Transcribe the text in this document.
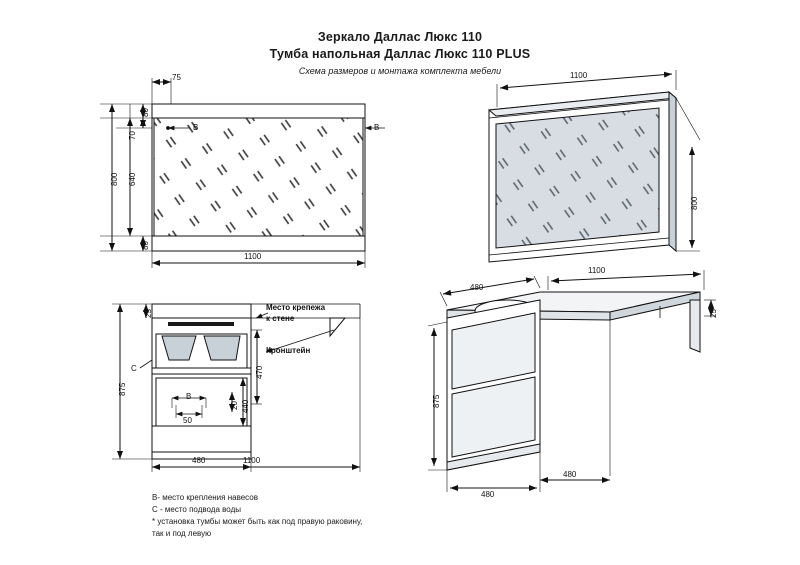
Зеркало Даллас Люкс 110
Тумба напольная Даллас Люкс 110 PLUS
Схема размеров и монтажа комплекта мебели
75
800 640
80
70
80
B	B
1100
1100
800
875
25
470
440
20
C
B
50
480	1100
Место крепежа
к стене
Кронштейн
480
1100
875
480
480
25
B- место крепления навесов
C - место подвода воды
* установка тумбы может быть как под правую раковину,
так и под левую
